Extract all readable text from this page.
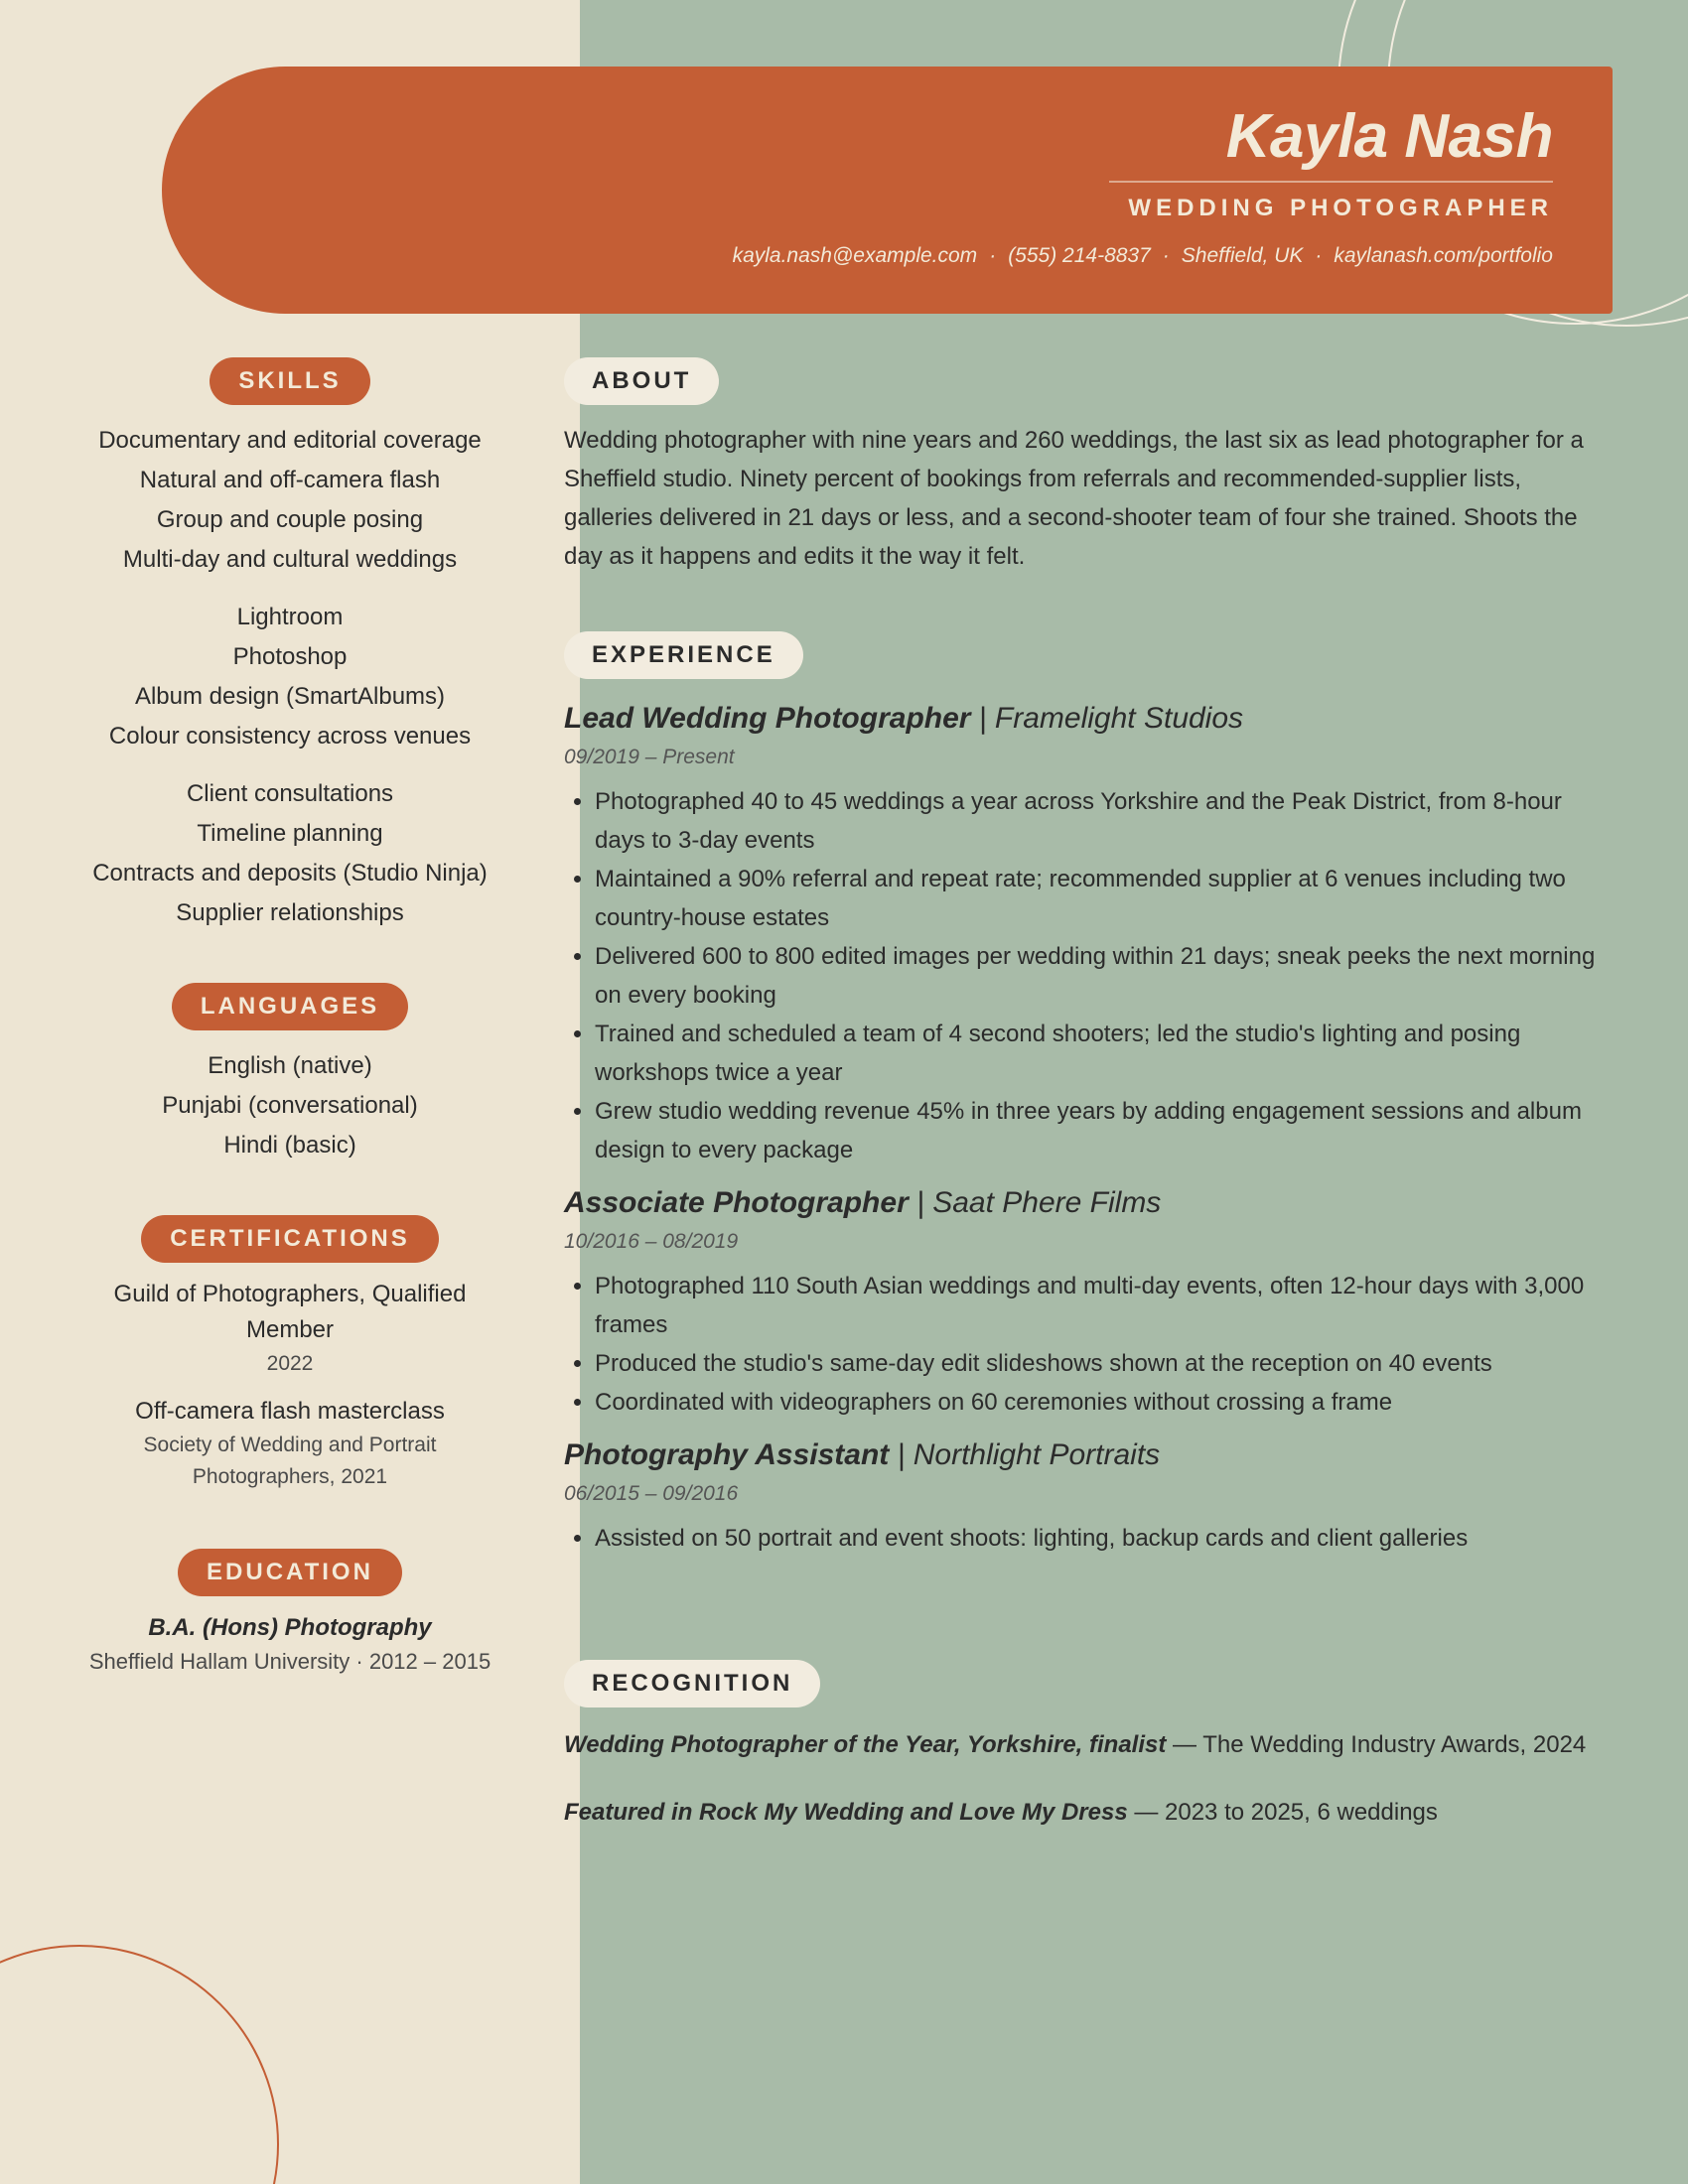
Kayla Nash
WEDDING PHOTOGRAPHER
kayla.nash@example.com · (555) 214-8837 · Sheffield, UK · kaylanash.com/portfolio
SKILLS
Documentary and editorial coverage
Natural and off-camera flash
Group and couple posing
Multi-day and cultural weddings
Lightroom
Photoshop
Album design (SmartAlbums)
Colour consistency across venues
Client consultations
Timeline planning
Contracts and deposits (Studio Ninja)
Supplier relationships
LANGUAGES
English (native)
Punjabi (conversational)
Hindi (basic)
CERTIFICATIONS
Guild of Photographers, Qualified Member
2022
Off-camera flash masterclass
Society of Wedding and Portrait Photographers, 2021
EDUCATION
B.A. (Hons) Photography
Sheffield Hallam University · 2012 – 2015
ABOUT

Wedding photographer with nine years and 260 weddings, the last six as lead photographer for a Sheffield studio. Ninety percent of bookings from referrals and recommended-supplier lists, galleries delivered in 21 days or less, and a second-shooter team of four she trained. Shoots the day as it happens and edits it the way it felt.

EXPERIENCE
Lead Wedding Photographer | Framelight Studios
09/2019 – Present
• Photographed 40 to 45 weddings a year across Yorkshire and the Peak District, from 8-hour days to 3-day events
• Maintained a 90% referral and repeat rate; recommended supplier at 6 venues including two country-house estates
• Delivered 600 to 800 edited images per wedding within 21 days; sneak peeks the next morning on every booking
• Trained and scheduled a team of 4 second shooters; led the studio's lighting and posing workshops twice a year
• Grew studio wedding revenue 45% in three years by adding engagement sessions and album design to every package
Associate Photographer | Saat Phere Films
10/2016 – 08/2019
• Photographed 110 South Asian weddings and multi-day events, often 12-hour days with 3,000 frames
• Produced the studio's same-day edit slideshows shown at the reception on 40 events
• Coordinated with videographers on 60 ceremonies without crossing a frame
Photography Assistant | Northlight Portraits
06/2015 – 09/2016
• Assisted on 50 portrait and event shoots: lighting, backup cards and client galleries
RECOGNITION
Wedding Photographer of the Year, Yorkshire, finalist — The Wedding Industry Awards, 2024
Featured in Rock My Wedding and Love My Dress — 2023 to 2025, 6 weddings
